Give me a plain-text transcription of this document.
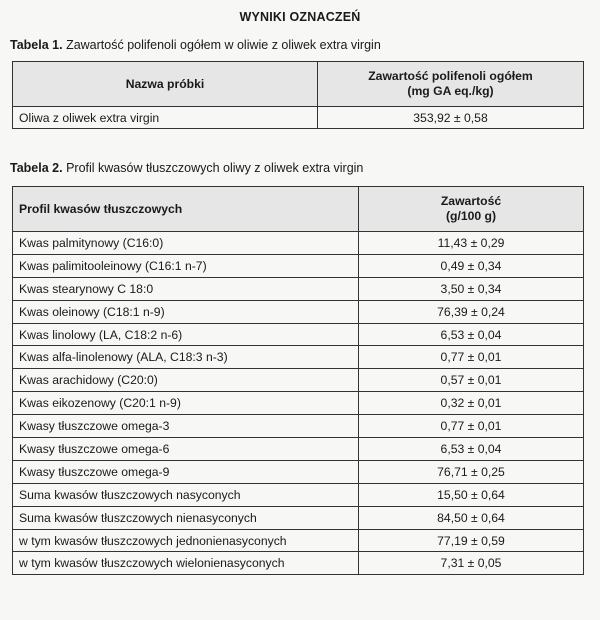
WYNIKI OZNACZEŃ
Tabela 1. Zawartość polifenoli ogółem w oliwie z oliwek extra virgin
Nazwa próbki	Zawartość polifenoli ogółem
(mg GA eq./kg)

Oliwa z oliwek extra virgin	353,92 ± 0,58
Tabela 2. Profil kwasów tłuszczowych oliwy z oliwek extra virgin
Profil kwasów tłuszczowych	Zawartość
(g/100 g)

Kwas palmitynowy (C16:0)	11,43 ± 0,29
Kwas palimitooleinowy (C16:1 n-7)	0,49 ± 0,34
Kwas stearynowy C 18:0	3,50 ± 0,34
Kwas oleinowy (C18:1 n-9)	76,39 ± 0,24
Kwas linolowy (LA, C18:2 n-6)	6,53 ± 0,04
Kwas alfa-linolenowy (ALA, C18:3 n-3)	0,77 ± 0,01
Kwas arachidowy (C20:0)	0,57 ± 0,01
Kwas eikozenowy (C20:1 n-9)	0,32 ± 0,01
Kwasy tłuszczowe omega-3	0,77 ± 0,01
Kwasy tłuszczowe omega-6	6,53 ± 0,04
Kwasy tłuszczowe omega-9	76,71 ± 0,25
Suma kwasów tłuszczowych nasyconych	15,50 ± 0,64
Suma kwasów tłuszczowych nienasyconych	84,50 ± 0,64
w tym kwasów tłuszczowych jednonienasyconych	77,19 ± 0,59
w tym kwasów tłuszczowych wielonienasyconych	7,31 ± 0,05
